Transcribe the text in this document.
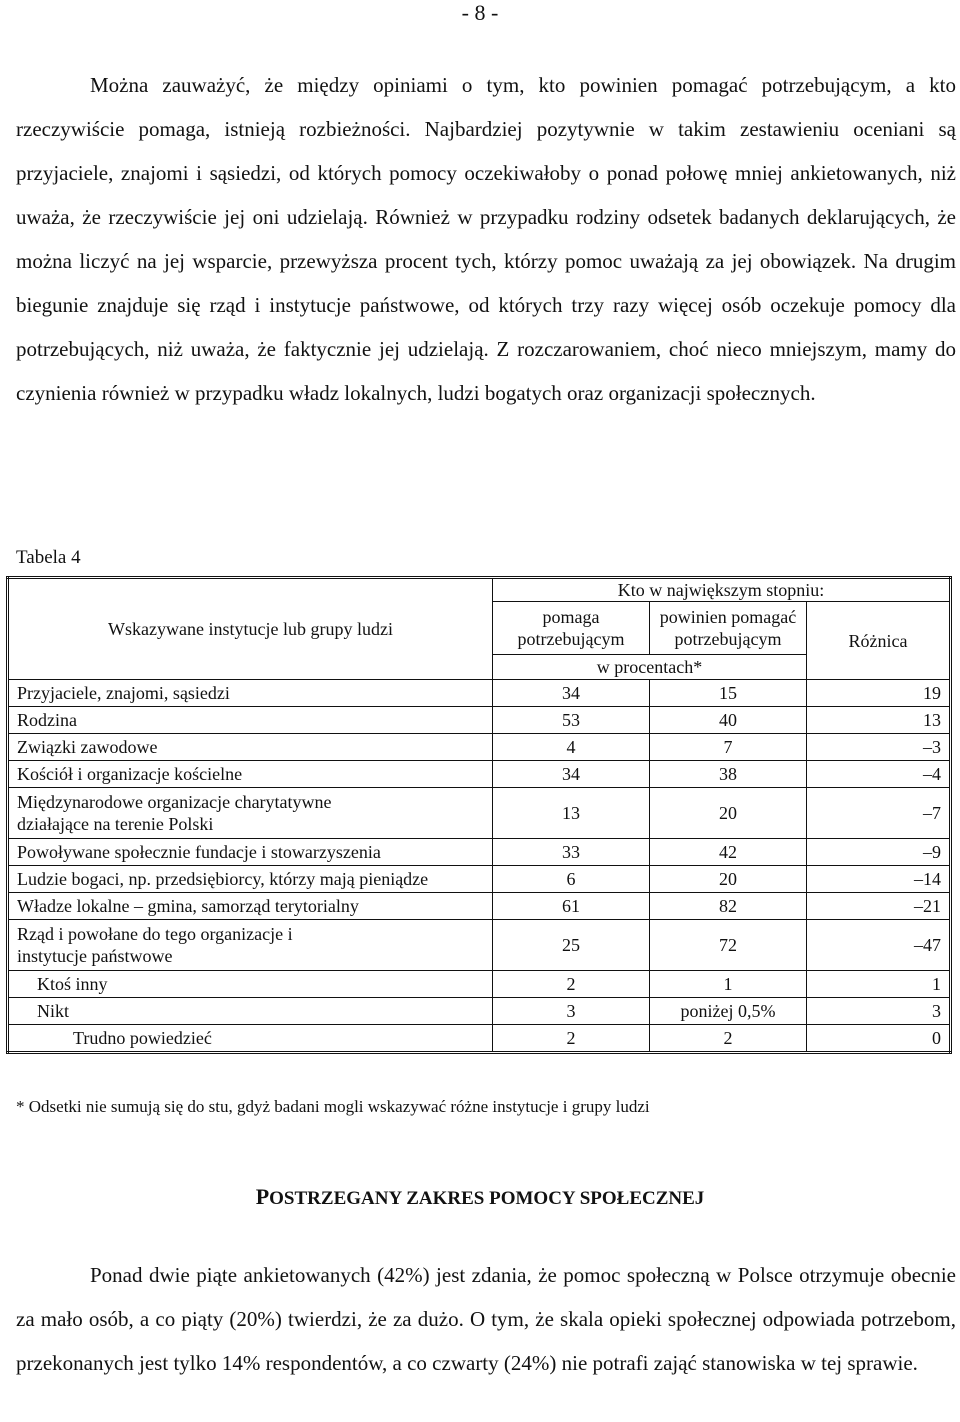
- 8 -

Można zauważyć, że między opiniami o tym, kto powinien pomagać potrzebującym, a kto rzeczywiście pomaga, istnieją rozbieżności. Najbardziej pozytywnie w takim zestawieniu oceniani są przyjaciele, znajomi i sąsiedzi, od których pomocy oczekiwałoby o ponad połowę mniej ankietowanych, niż uważa, że rzeczywiście jej oni udzielają. Również w przypadku rodziny odsetek badanych deklarujących, że można liczyć na jej wsparcie, przewyższa procent tych, którzy pomoc uważają za jej obowiązek. Na drugim biegunie znajduje się rząd i instytucje państwowe, od których trzy razy więcej osób oczekuje pomocy dla potrzebujących, niż uważa, że faktycznie jej udzielają. Z rozczarowaniem, choć nieco mniejszym, mamy do czynienia również w przypadku władz lokalnych, ludzi bogatych oraz organizacji społecznych.

Tabela 4
Wskazywane instytucje lub grupy ludzi	Kto w największym stopniu:		
	pomaga potrzebującym	powinien pomagać potrzebującym	Różnica
	w procentach*		
Przyjaciele, znajomi, sąsiedzi	34	15	19
Rodzina	53	40	13
Związki zawodowe	4	7	–3
Kościół i organizacje kościelne	34	38	–4
Międzynarodowe organizacje charytatywne działające na terenie Polski	13	20	–7
Powoływane społecznie fundacje i stowarzyszenia	33	42	–9
Ludzie bogaci, np. przedsiębiorcy, którzy mają pieniądze	6	20	–14
Władze lokalne – gmina, samorząd terytorialny	61	82	–21
Rząd i powołane do tego organizacje i instytucje państwowe	25	72	–47
Ktoś inny	2	1	1
Nikt	3	poniżej 0,5%	3
Trudno powiedzieć	2	2	0
* Odsetki nie sumują się do stu, gdyż badani mogli wskazywać różne instytucje i grupy ludzi
POSTRZEGANY ZAKRES POMOCY SPOŁECZNEJ

Ponad dwie piąte ankietowanych (42%) jest zdania, że pomoc społeczną w Polsce otrzymuje obecnie za mało osób, a co piąty (20%) twierdzi, że za dużo. O tym, że skala opieki społecznej odpowiada potrzebom, przekonanych jest tylko 14% respondentów, a co czwarty (24%) nie potrafi zająć stanowiska w tej sprawie.
